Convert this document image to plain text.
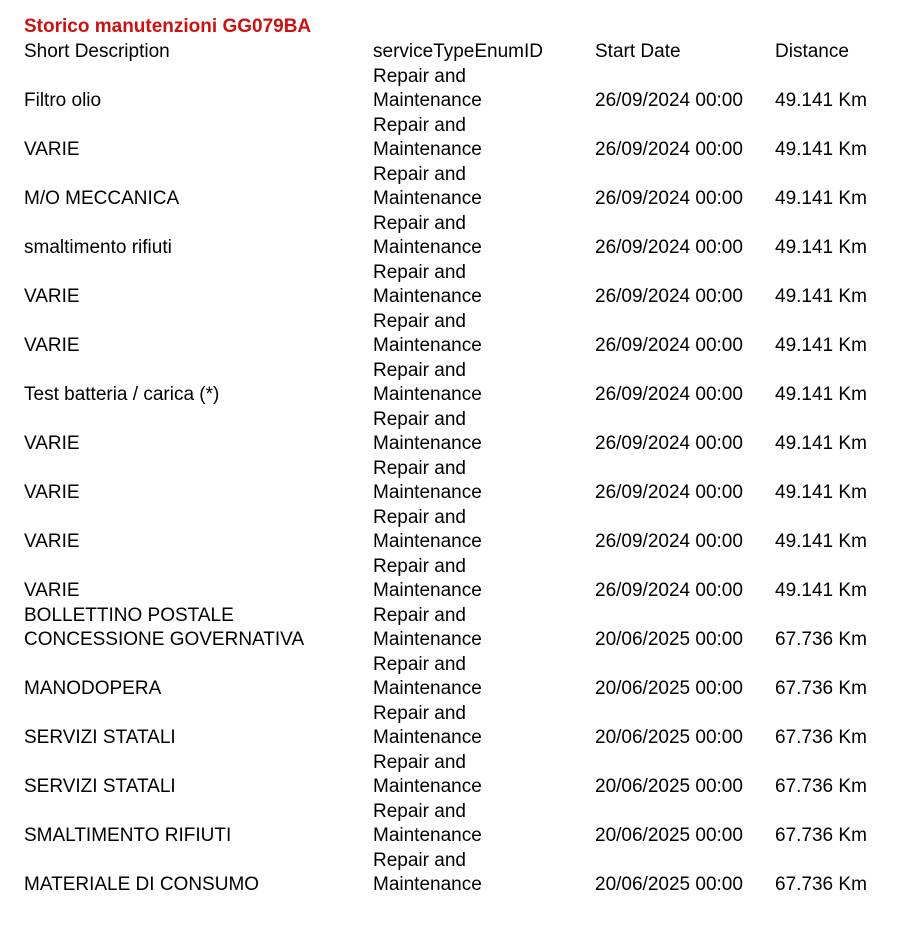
Storico manutenzioni GG079BA
Short Description	serviceTypeEnumID	Start Date	Distance

Filtro olio
Repair and
Maintenance	26/09/2024 00:00	49.141 Km

VARIE
Repair and
Maintenance	26/09/2024 00:00	49.141 Km

M/O MECCANICA
Repair and
Maintenance	26/09/2024 00:00	49.141 Km

smaltimento rifiuti
Repair and
Maintenance	26/09/2024 00:00	49.141 Km

VARIE
Repair and
Maintenance	26/09/2024 00:00	49.141 Km

VARIE
Repair and
Maintenance	26/09/2024 00:00	49.141 Km

Test batteria / carica (*)
Repair and
Maintenance	26/09/2024 00:00	49.141 Km

VARIE
Repair and
Maintenance	26/09/2024 00:00	49.141 Km

VARIE
Repair and
Maintenance	26/09/2024 00:00	49.141 Km

VARIE
Repair and
Maintenance	26/09/2024 00:00	49.141 Km

VARIE
Repair and
Maintenance	26/09/2024 00:00	49.141 Km
BOLLETTINO POSTALE
CONCESSIONE GOVERNATIVA
Repair and
Maintenance	20/06/2025 00:00	67.736 Km

MANODOPERA
Repair and
Maintenance	20/06/2025 00:00	67.736 Km

SERVIZI STATALI
Repair and
Maintenance	20/06/2025 00:00	67.736 Km

SERVIZI STATALI
Repair and
Maintenance	20/06/2025 00:00	67.736 Km

SMALTIMENTO RIFIUTI
Repair and
Maintenance	20/06/2025 00:00	67.736 Km

MATERIALE DI CONSUMO
Repair and
Maintenance	20/06/2025 00:00	67.736 Km
